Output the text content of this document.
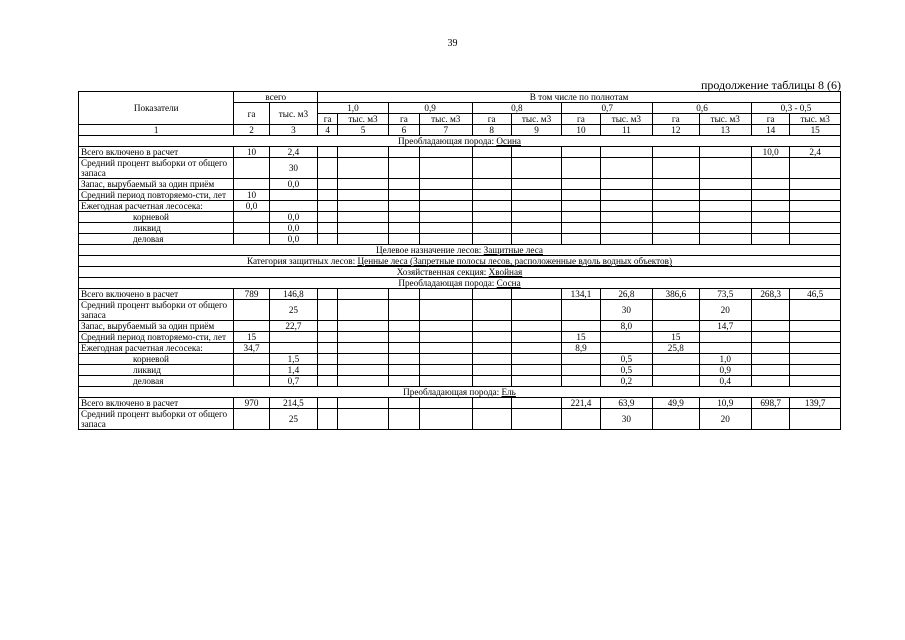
39
продолжение таблицы 8 (6)
Показатели	всего		В том числе по полнотам											
	га	тыс. м3	1,0		0,9		0,8		0,7		0,6		0,3 - 0,5	
			га	тыс. м3	га	тыс. м3	га	тыс. м3	га	тыс. м3	га	тыс. м3	га	тыс. м3
1	2	3	4	5	6	7	8	9	10	11	12	13	14	15
Преобладающая порода: Осина														
Всего включено в расчет	10	2,4											10,0	2,4
Средний процент выборки от общего запаса		30												
Запас, вырубаемый за один приём		0,0												
Средний период повторяемо-сти, лет	10													
Ежегодная расчетная лесосека:	0,0													
корневой		0,0												
ликвид		0,0												
деловая		0,0												
Целевое назначение лесов: Защитные леса														
Категория защитных лесов: Ценные леса (Запретные полосы лесов, расположенные вдоль водных объектов)														
Хозяйственная секция: Хвойная														
Преобладающая порода: Сосна														
Всего включено в расчет	789	146,8							134,1	26,8	386,6	73,5	268,3	46,5
Средний процент выборки от общего запаса		25								30		20		
Запас, вырубаемый за один приём		22,7								8,0		14,7		
Средний период повторяемо-сти, лет	15								15		15			
Ежегодная расчетная лесосека:	34,7								8,9		25,8			
корневой		1,5								0,5		1,0		
ликвид		1,4								0,5		0,9		
деловая		0,7								0,2		0,4		
Преобладающая порода: Ель														
Всего включено в расчет	970	214,5							221,4	63,9	49,9	10,9	698,7	139,7
Средний процент выборки от общего запаса		25								30		20		
